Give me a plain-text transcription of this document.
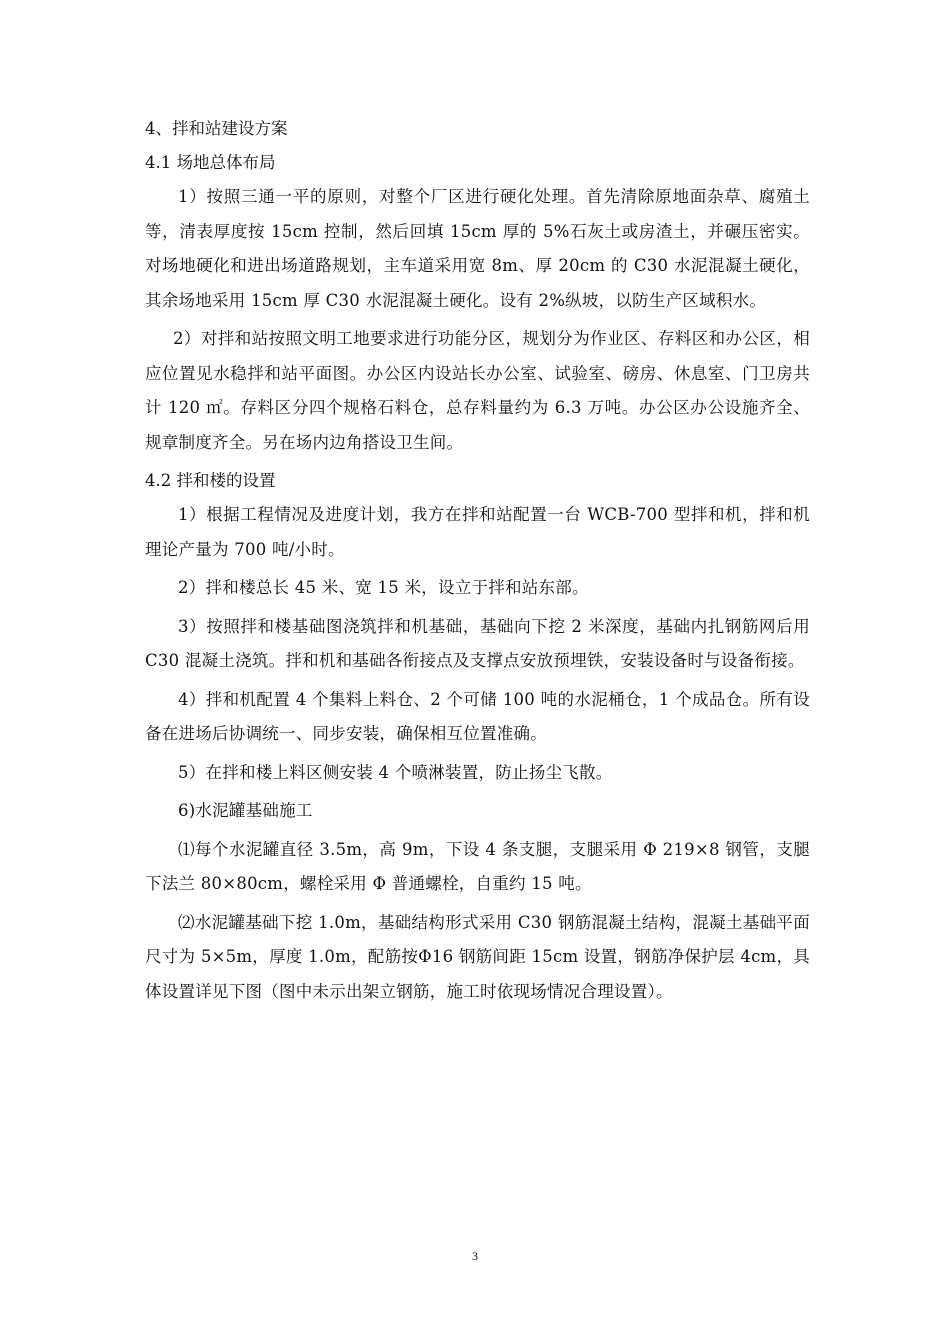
4、拌和站建设方案

4.1 场地总体布局

1）按照三通一平的原则，对整个厂区进行硬化处理。首先清除原地面杂草、腐殖土等，清表厚度按 15cm 控制，然后回填 15cm 厚的 5%石灰土或房渣土，并碾压密实。对场地硬化和进出场道路规划，主车道采用宽 8m、厚 20cm 的 C30 水泥混凝土硬化，其余场地采用 15cm 厚 C30 水泥混凝土硬化。设有 2%纵坡，以防生产区域积水。

2）对拌和站按照文明工地要求进行功能分区，规划分为作业区、存料区和办公区，相应位置见水稳拌和站平面图。办公区内设站长办公室、试验室、磅房、休息室、门卫房共计 120 ㎡。存料区分四个规格石料仓，总存料量约为 6.3 万吨。办公区办公设施齐全、规章制度齐全。另在场内边角搭设卫生间。

4.2 拌和楼的设置

1）根据工程情况及进度计划，我方在拌和站配置一台 WCB-700 型拌和机，拌和机理论产量为 700 吨/小时。

2）拌和楼总长 45 米、宽 15 米，设立于拌和站东部。

3）按照拌和楼基础图浇筑拌和机基础，基础向下挖 2 米深度，基础内扎钢筋网后用 C30 混凝土浇筑。拌和机和基础各衔接点及支撑点安放预埋铁，安装设备时与设备衔接。

4）拌和机配置 4 个集料上料仓、2 个可储 100 吨的水泥桶仓，1 个成品仓。所有设备在进场后协调统一、同步安装，确保相互位置准确。

5）在拌和楼上料区侧安装 4 个喷淋装置，防止扬尘飞散。

6)水泥罐基础施工

⑴每个水泥罐直径 3.5m，高 9m，下设 4 条支腿，支腿采用 Φ 219×8 钢管，支腿下法兰 80×80cm，螺栓采用 Φ 普通螺栓，自重约 15 吨。

⑵水泥罐基础下挖 1.0m，基础结构形式采用 C30 钢筋混凝土结构，混凝土基础平面尺寸为 5×5m，厚度 1.0m，配筋按Φ16 钢筋间距 15cm 设置，钢筋净保护层 4cm，具体设置详见下图（图中未示出架立钢筋，施工时依现场情况合理设置）。

3
